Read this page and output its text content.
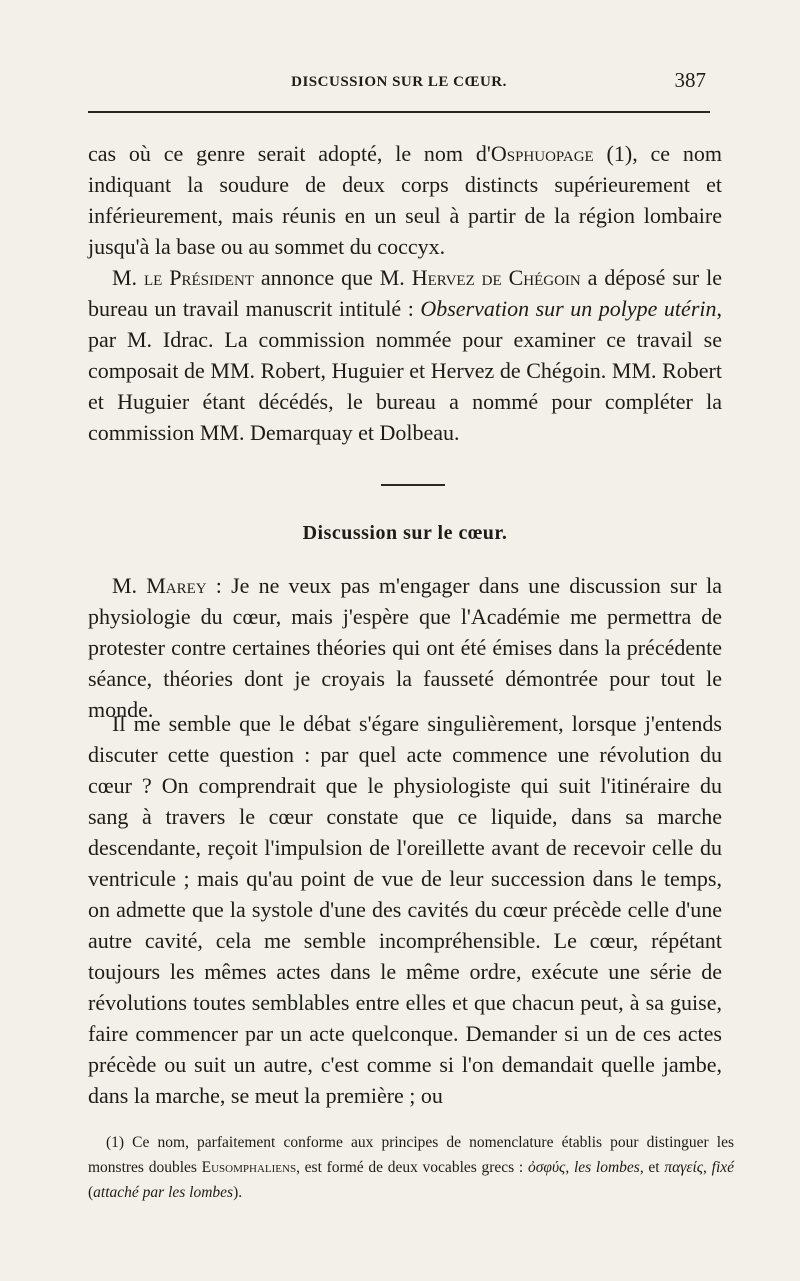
DISCUSSION SUR LE CŒUR.	387

cas où ce genre serait adopté, le nom d'Osphuopage (1), ce nom indiquant la soudure de deux corps distincts supérieurement et inférieurement, mais réunis en un seul à partir de la région lombaire jusqu'à la base ou au sommet du coccyx.

M. le Président annonce que M. Hervez de Chégoin a déposé sur le bureau un travail manuscrit intitulé : Observation sur un polype utérin, par M. Idrac. La commission nommée pour examiner ce travail se composait de MM. Robert, Huguier et Hervez de Chégoin. MM. Robert et Huguier étant décédés, le bureau a nommé pour compléter la commission MM. Demarquay et Dolbeau.

Discussion sur le cœur.

M. Marey : Je ne veux pas m'engager dans une discussion sur la physiologie du cœur, mais j'espère que l'Académie me permettra de protester contre certaines théories qui ont été émises dans la précédente séance, théories dont je croyais la fausseté démontrée pour tout le monde.

Il me semble que le débat s'égare singulièrement, lorsque j'entends discuter cette question : par quel acte commence une révolution du cœur ? On comprendrait que le physiologiste qui suit l'itinéraire du sang à travers le cœur constate que ce liquide, dans sa marche descendante, reçoit l'impulsion de l'oreillette avant de recevoir celle du ventricule ; mais qu'au point de vue de leur succession dans le temps, on admette que la systole d'une des cavités du cœur précède celle d'une autre cavité, cela me semble incompréhensible. Le cœur, répétant toujours les mêmes actes dans le même ordre, exécute une série de révolutions toutes semblables entre elles et que chacun peut, à sa guise, faire commencer par un acte quelconque. Demander si un de ces actes précède ou suit un autre, c'est comme si l'on demandait quelle jambe, dans la marche, se meut la première ; ou

(1) Ce nom, parfaitement conforme aux principes de nomenclature établis pour distinguer les monstres doubles Eusomphaliens, est formé de deux vocables grecs : ὀσφύς, les lombes, et παγείς, fixé (attaché par les lombes).
